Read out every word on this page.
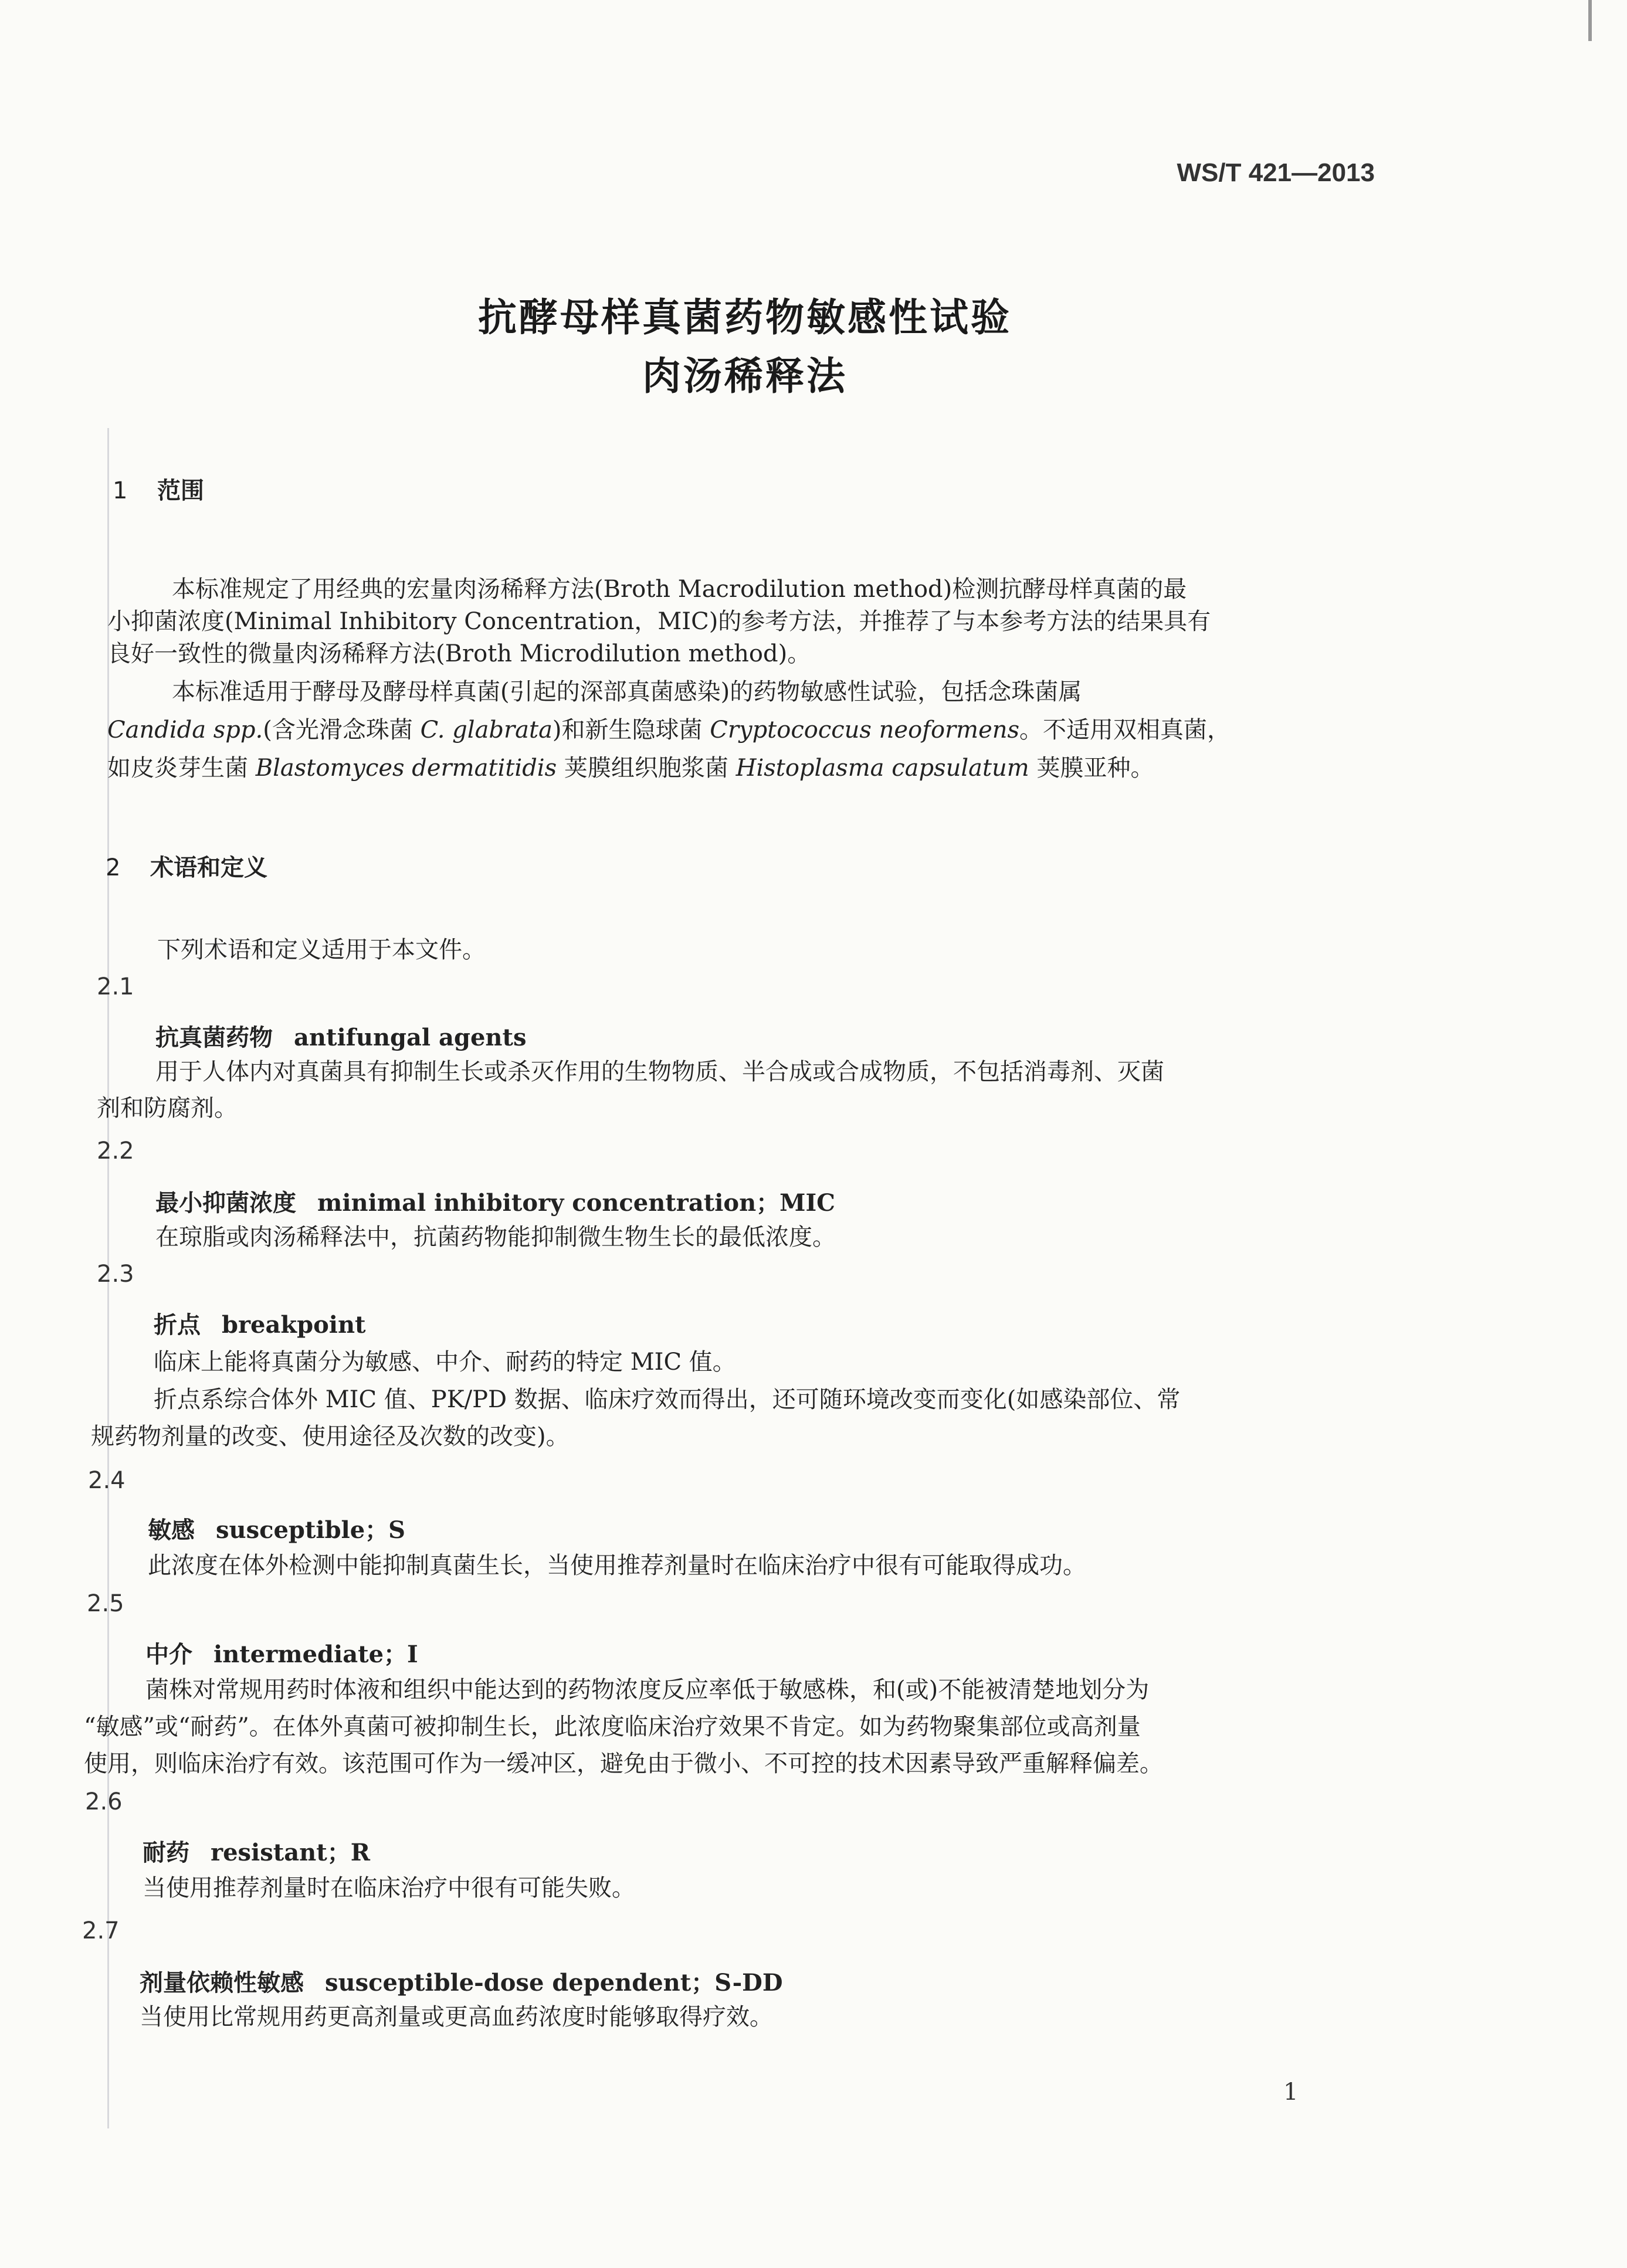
WS/T 421—2013
抗酵母样真菌药物敏感性试验
肉汤稀释法
1 范围
本标准规定了用经典的宏量肉汤稀释方法(Broth Macrodilution method)检测抗酵母样真菌的最
小抑菌浓度(Minimal Inhibitory Concentration，MIC)的参考方法，并推荐了与本参考方法的结果具有
良好一致性的微量肉汤稀释方法(Broth Microdilution method)。
本标准适用于酵母及酵母样真菌(引起的深部真菌感染)的药物敏感性试验，包括念珠菌属
Candida spp.(含光滑念珠菌 C. glabrata)和新生隐球菌 Cryptococcus neoformens。不适用双相真菌，
如皮炎芽生菌 Blastomyces dermatitidis 荚膜组织胞浆菌 Histoplasma capsulatum 荚膜亚种。
2 术语和定义
下列术语和定义适用于本文件。
2.1
抗真菌药物 antifungal agents
用于人体内对真菌具有抑制生长或杀灭作用的生物物质、半合成或合成物质，不包括消毒剂、灭菌
剂和防腐剂。
2.2
最小抑菌浓度 minimal inhibitory concentration；MIC
在琼脂或肉汤稀释法中，抗菌药物能抑制微生物生长的最低浓度。
2.3
折点 breakpoint
临床上能将真菌分为敏感、中介、耐药的特定 MIC 值。
折点系综合体外 MIC 值、PK/PD 数据、临床疗效而得出，还可随环境改变而变化(如感染部位、常
规药物剂量的改变、使用途径及次数的改变)。
2.4
敏感 susceptible；S
此浓度在体外检测中能抑制真菌生长，当使用推荐剂量时在临床治疗中很有可能取得成功。
2.5
中介 intermediate；I
菌株对常规用药时体液和组织中能达到的药物浓度反应率低于敏感株，和(或)不能被清楚地划分为
“敏感”或“耐药”。在体外真菌可被抑制生长，此浓度临床治疗效果不肯定。如为药物聚集部位或高剂量
使用，则临床治疗有效。该范围可作为一缓冲区，避免由于微小、不可控的技术因素导致严重解释偏差。
2.6
耐药 resistant；R
当使用推荐剂量时在临床治疗中很有可能失败。
2.7
剂量依赖性敏感 susceptible-dose dependent；S-DD
当使用比常规用药更高剂量或更高血药浓度时能够取得疗效。
1
